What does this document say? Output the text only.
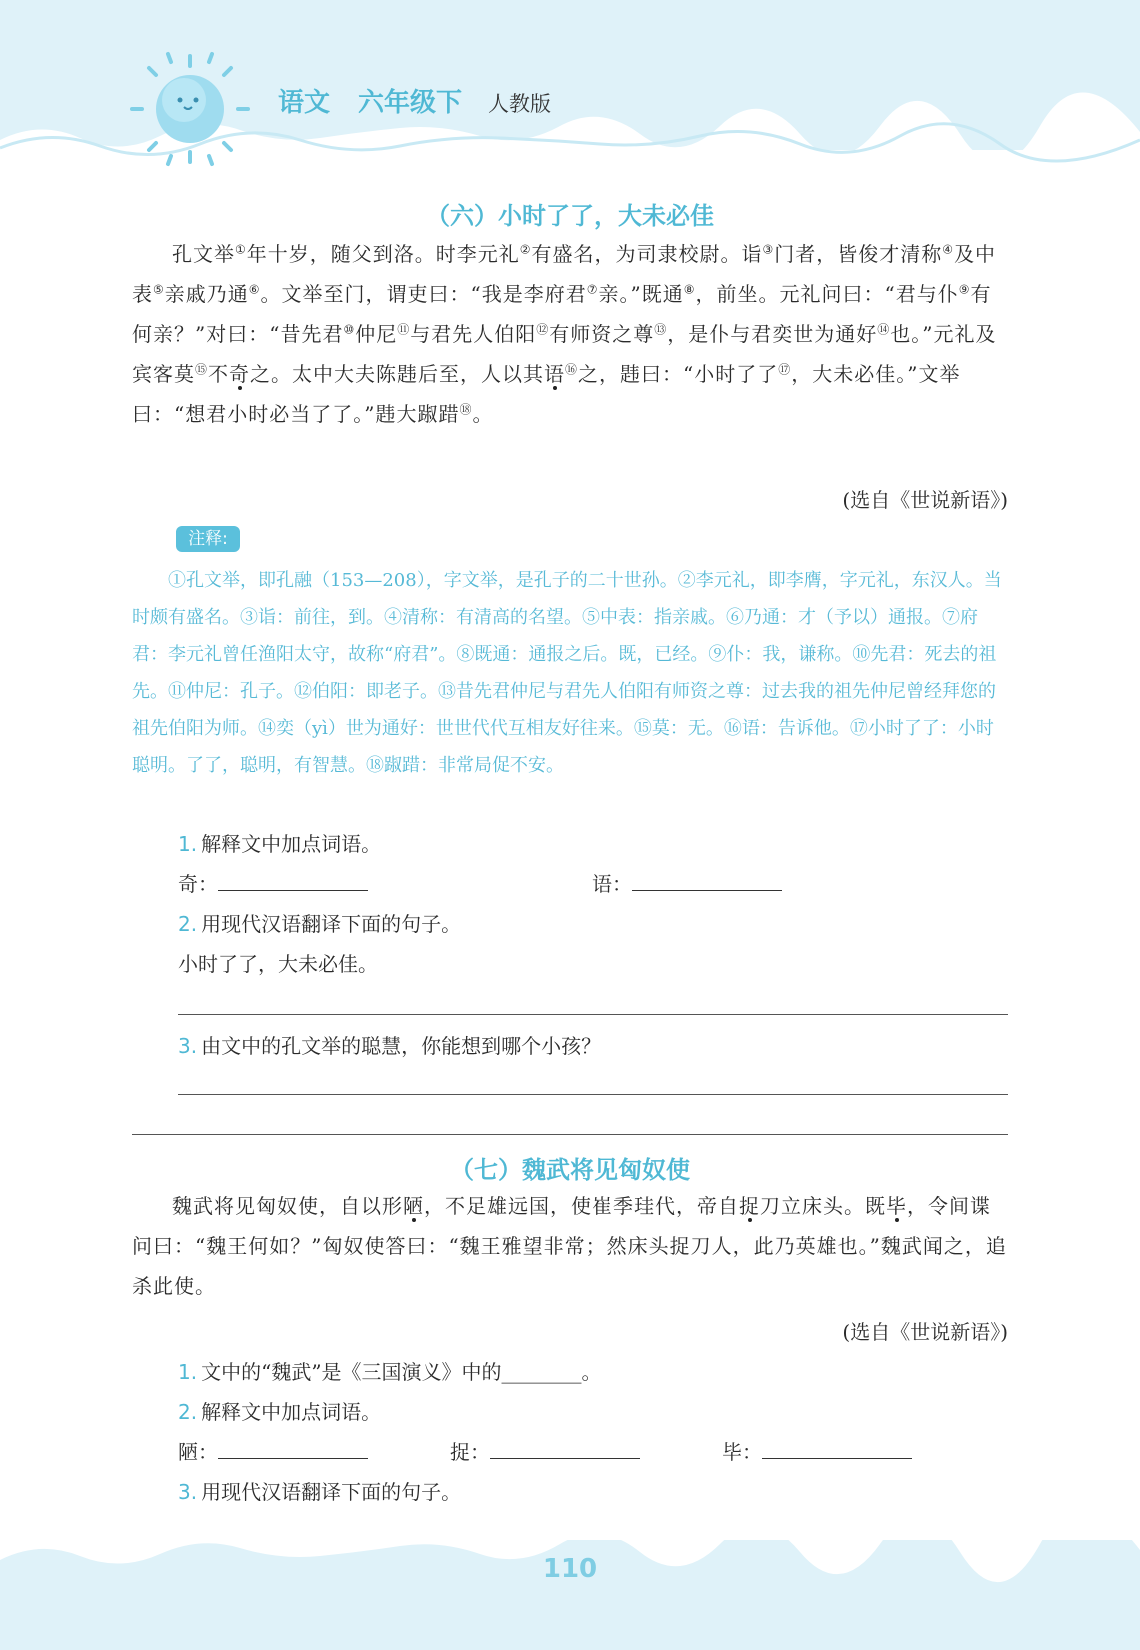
语文 六年级下 人教版
（六）小时了了，大未必佳

孔文举①年十岁，随父到洛。时李元礼②有盛名，为司隶校尉。诣③门者，皆俊才清称④及中表⑤亲戚乃通⑥。文举至门，谓吏曰：“我是李府君⑦亲。”既通⑧，前坐。元礼问曰：“君与仆⑨有何亲？”对曰：“昔先君⑩仲尼⑪与君先人伯阳⑫有师资之尊⑬，是仆与君奕世为通好⑭也。”元礼及宾客莫⑮不奇之。太中大夫陈韪后至，人以其语⑯之，韪曰：“小时了了⑰，大未必佳。”文举曰：“想君小时必当了了。”韪大踧踖⑱。

(选自《世说新语》)
注释:

①孔文举，即孔融（153—208），字文举，是孔子的二十世孙。②李元礼，即李膺，字元礼，东汉人。当时颇有盛名。③诣：前往，到。④清称：有清高的名望。⑤中表：指亲戚。⑥乃通：才（予以）通报。⑦府君：李元礼曾任渔阳太守，故称“府君”。⑧既通：通报之后。既，已经。⑨仆：我，谦称。⑩先君：死去的祖先。⑪仲尼：孔子。⑫伯阳：即老子。⑬昔先君仲尼与君先人伯阳有师资之尊：过去我的祖先仲尼曾经拜您的祖先伯阳为师。⑭奕（yì）世为通好：世世代代互相友好往来。⑮莫：无。⑯语：告诉他。⑰小时了了：小时聪明。了了，聪明，有智慧。⑱踧踖：非常局促不安。

1. 解释文中加点词语。
奇：	语：
2. 用现代汉语翻译下面的句子。
小时了了，大未必佳。
3. 由文中的孔文举的聪慧，你能想到哪个小孩？
（七）魏武将见匈奴使

魏武将见匈奴使，自以形陋，不足雄远国，使崔季珪代，帝自捉刀立床头。既毕，令间谍问曰：“魏王何如？”匈奴使答曰：“魏王雅望非常；然床头捉刀人，此乃英雄也。”魏武闻之，追杀此使。

(选自《世说新语》)
1. 文中的“魏武”是《三国演义》中的________。
2. 解释文中加点词语。
陋：	捉：	毕：
3. 用现代汉语翻译下面的句子。
110
